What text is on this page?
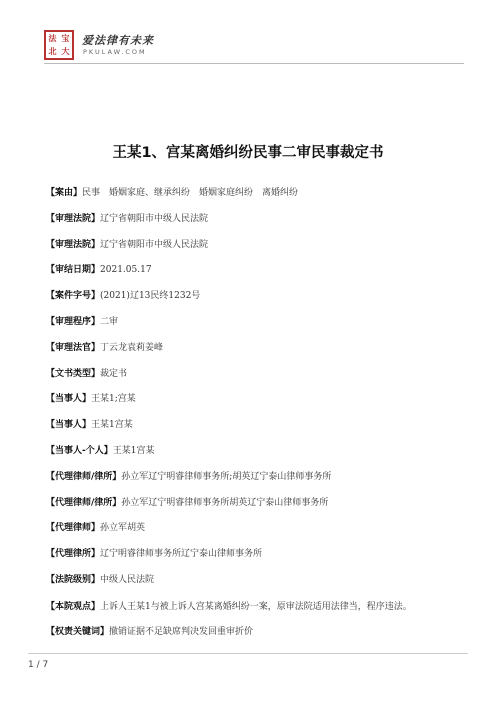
法 宝
北 大
爱法律有未来
PKULAW.COM
王某1、宫某离婚纠纷民事二审民事裁定书
【案由】民事　婚姻家庭、继承纠纷　婚姻家庭纠纷　离婚纠纷
【审理法院】辽宁省朝阳市中级人民法院
【审理法院】辽宁省朝阳市中级人民法院
【审结日期】2021.05.17
【案件字号】(2021)辽13民终1232号
【审理程序】二审
【审理法官】丁云龙袁莉姜峰
【文书类型】裁定书
【当事人】王某1;宫某
【当事人】王某1宫某
【当事人-个人】王某1宫某
【代理律师/律所】孙立军辽宁明睿律师事务所;胡英辽宁泰山律师事务所
【代理律师/律所】孙立军辽宁明睿律师事务所胡英辽宁泰山律师事务所
【代理律师】孙立军胡英
【代理律所】辽宁明睿律师事务所辽宁泰山律师事务所
【法院级别】中级人民法院
【本院观点】上诉人王某1与被上诉人宫某离婚纠纷一案，原审法院适用法律当，程序违法。
【权责关键词】撤销证据不足缺席判决发回重审折价
1 / 7
